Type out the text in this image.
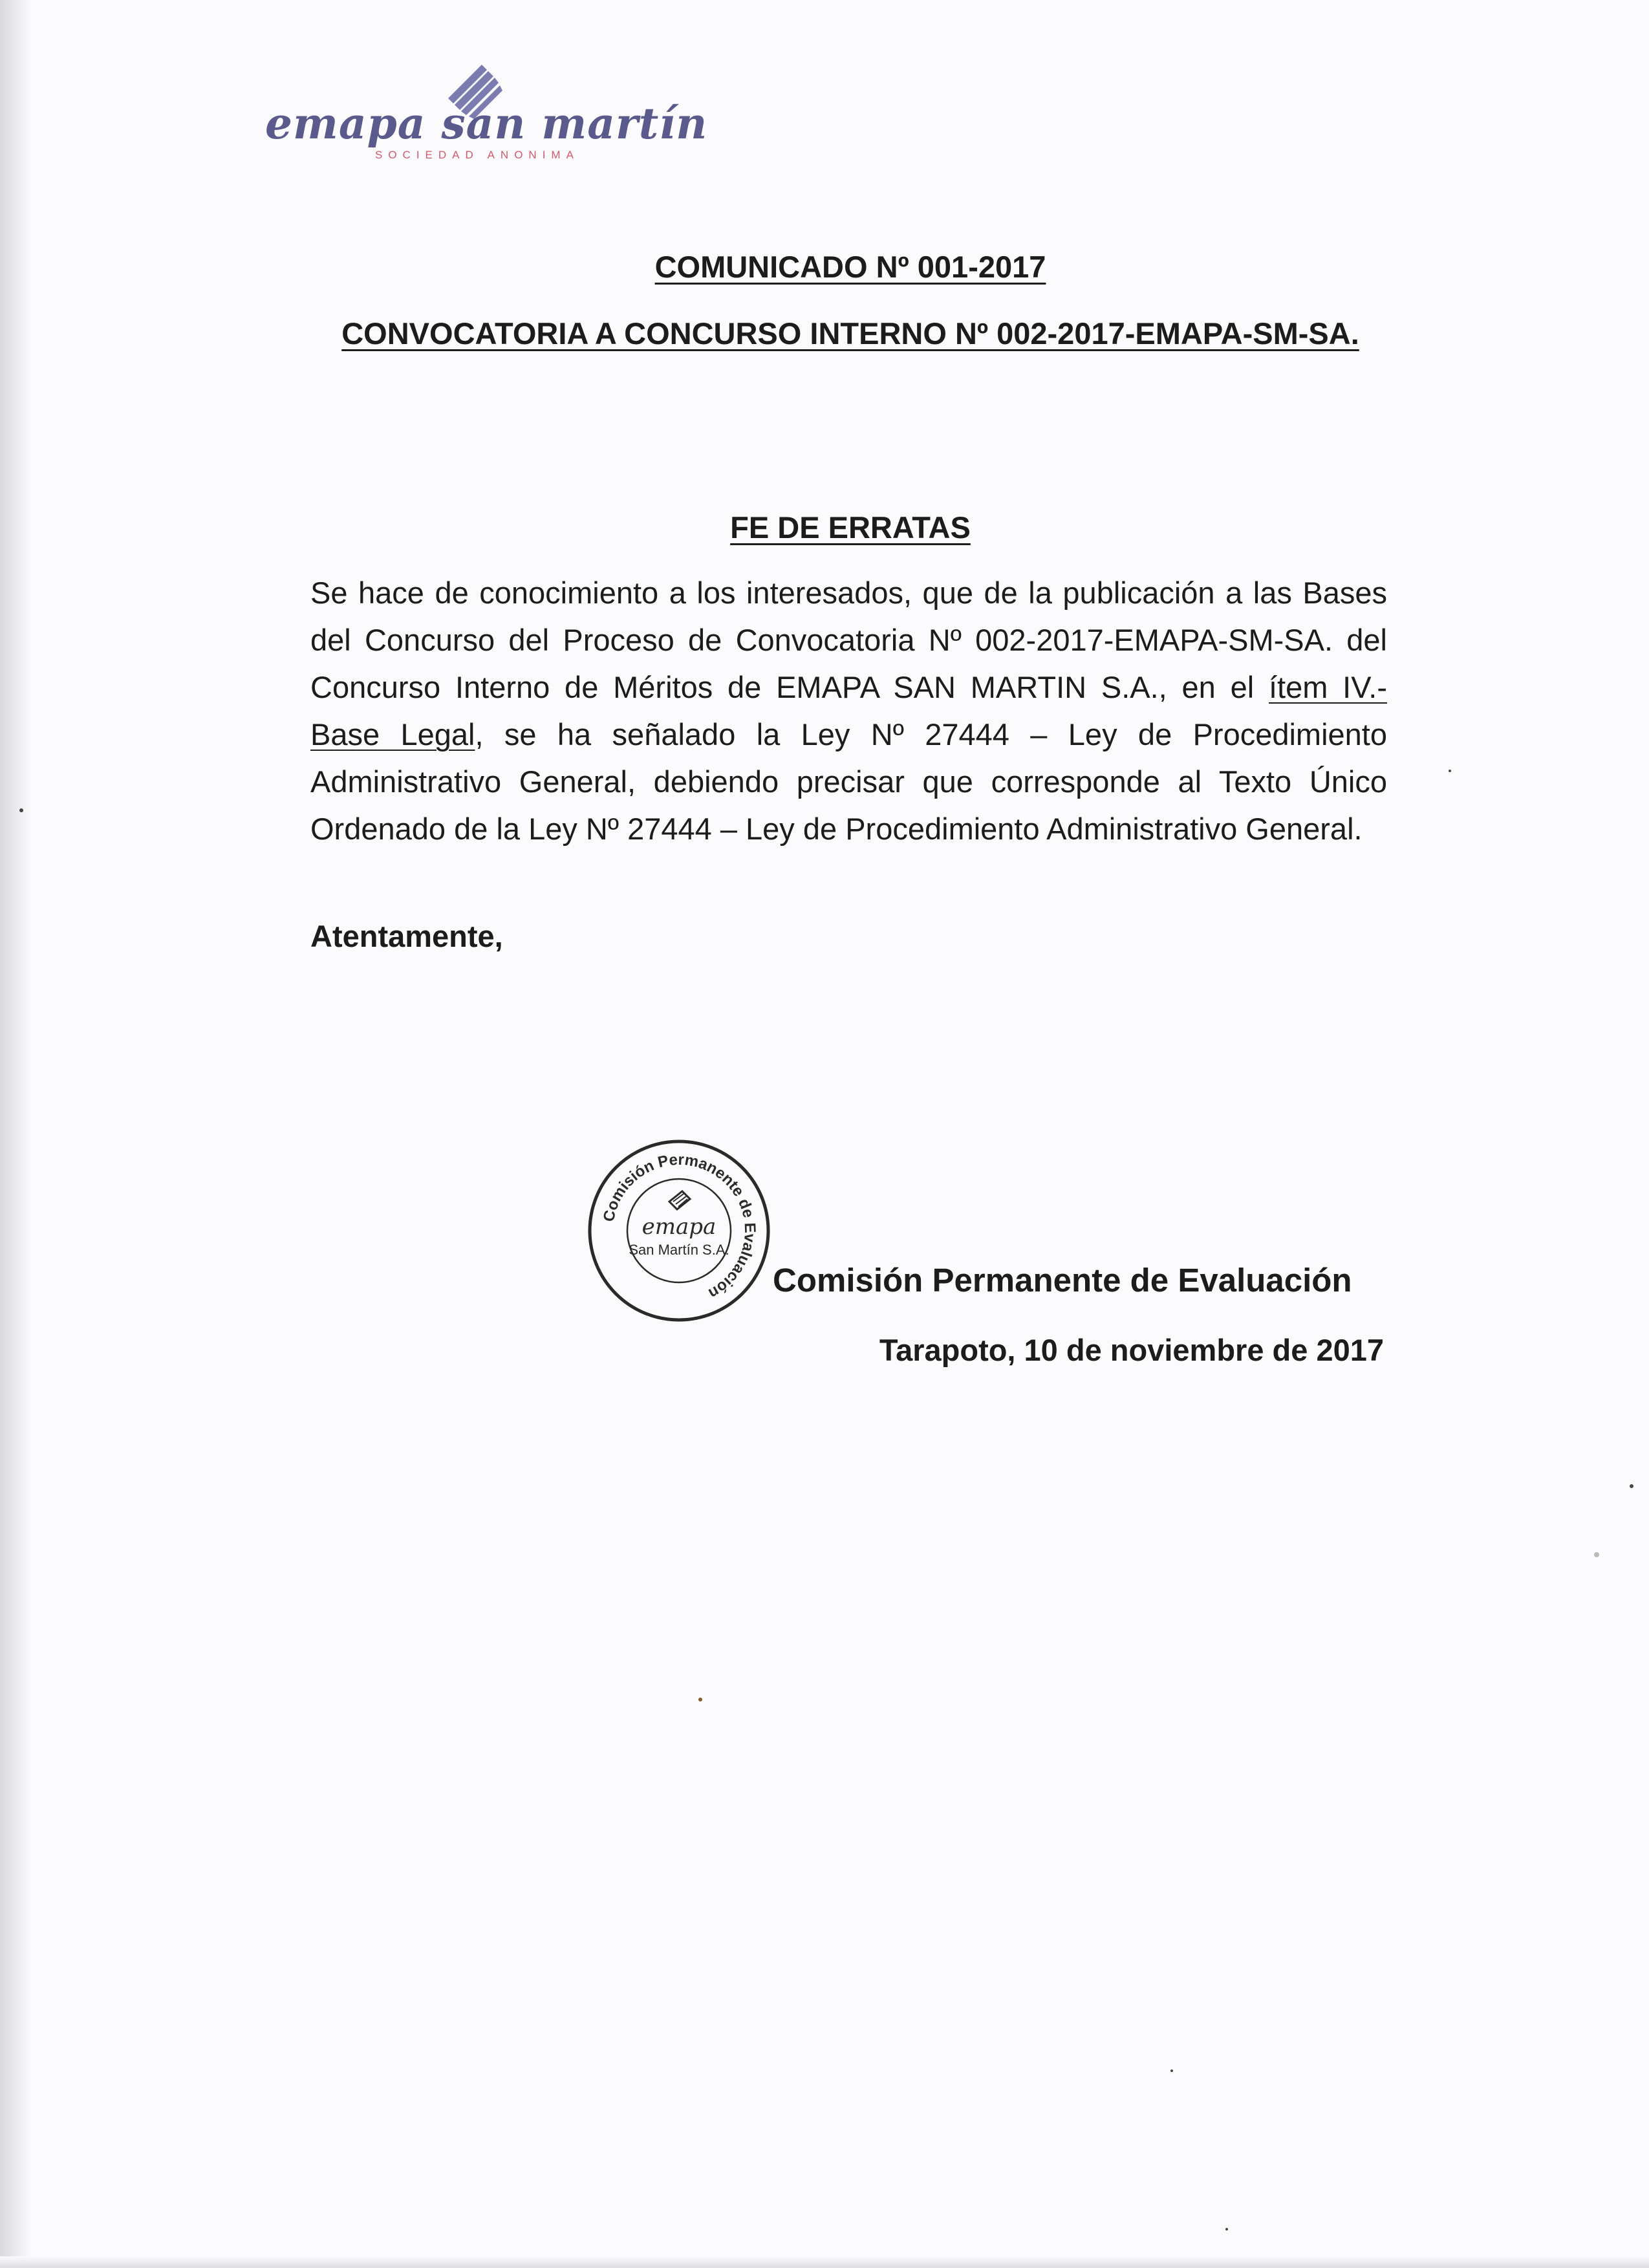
emapa san martín
SOCIEDAD ANONIMA
COMUNICADO Nº 001-2017
CONVOCATORIA A CONCURSO INTERNO Nº 002-2017-EMAPA-SM-SA.
FE DE ERRATAS
Se hace de conocimiento a los interesados, que de la publicación a las Bases del Concurso del Proceso de Convocatoria Nº 002-2017-EMAPA-SM-SA. del Concurso Interno de Méritos de EMAPA SAN MARTIN S.A., en el ítem IV.- Base Legal, se ha señalado la Ley Nº 27444 – Ley de Procedimiento Administrativo General, debiendo precisar que corresponde al Texto Único Ordenado de la Ley Nº 27444 – Ley de Procedimiento Administrativo General.
Atentamente,
Comisión Permanente de Evaluación
emapa
San Martín S.A.
Comisión Permanente de Evaluación
Tarapoto, 10 de noviembre de 2017
